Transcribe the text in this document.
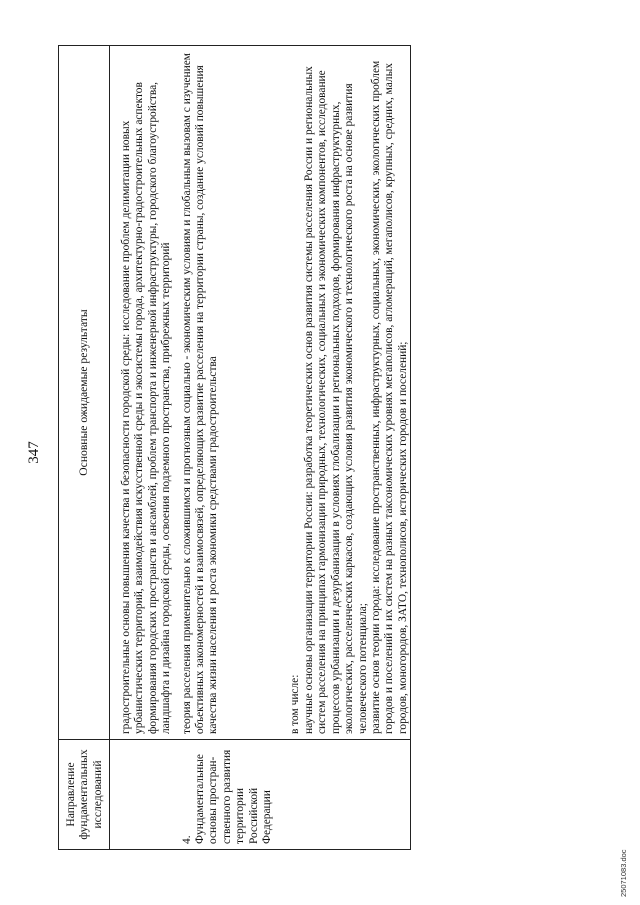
347

Направление фундаментальных исследований	Основные ожидаемые результаты

	градостроительные основы повышения качества и безопасности городской среды: исследование проблем делимитации новых урбанистических территорий, взаимодействия искусственной среды и экосистемы города, архитектурно-градостроительных аспектов формирования городских пространств и ансамблей, проблем транспорта и инженерной инфраструктуры, городского благоустройства, ландшафта и дизайна городской среды, освоения подземного пространства, прибрежных территорий

4. Фундаментальные основы простран-ственного развития территории Российской Федерации	теория расселения применительно к сложившимся и прогнозным социально - экономическим условиям и глобальным вызовам с изучением объективных закономерностей и взаимосвязей, определяющих развитие расселения на территории страны, создание условий повышения качества жизни населения и роста экономики средствами градостроительства

	в том числе: научные основы организации территории России: разработка теоретических основ развития системы расселения России и региональных систем расселения на принципах гармонизации природных, технологических, социальных и экономических компонентов, исследование процессов урбанизации и дезурбанизации в условиях глобализации и региональных подходов, формирования инфраструктурных, экологических, расселенческих каркасов, создающих условия развития экономического и технологического роста на основе развития человеческого потенциала; развитие основ теории города: исследование пространственных, инфраструктурных, социальных, экономических, экологических проблем городов и поселений и их систем на разных таксономических уровнях мегаполисов, агломераций, мегаполисов, крупных, средних, малых городов, моногородов, ЗАТО, технополисов, исторических городов и поселений;

25071083.doc
